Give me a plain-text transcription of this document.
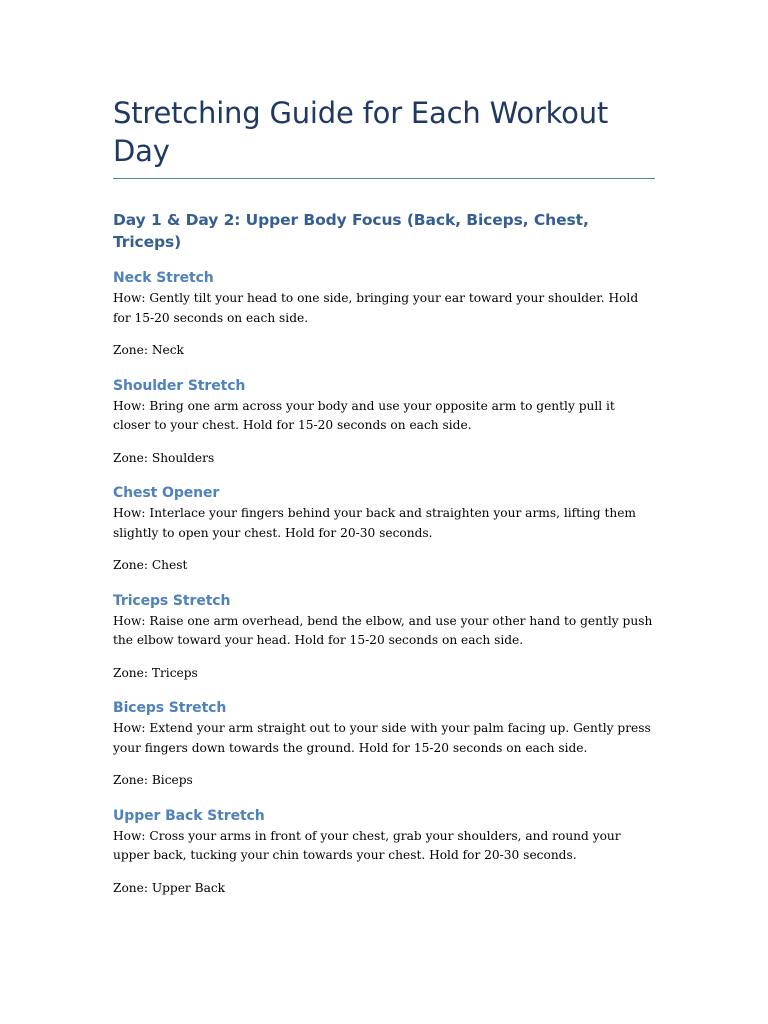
Stretching Guide for Each Workout Day
Day 1 & Day 2: Upper Body Focus (Back, Biceps, Chest, Triceps)
Neck Stretch

How: Gently tilt your head to one side, bringing your ear toward your shoulder. Hold for 15-20 seconds on each side.

Zone: Neck

Shoulder Stretch

How: Bring one arm across your body and use your opposite arm to gently pull it closer to your chest. Hold for 15-20 seconds on each side.

Zone: Shoulders

Chest Opener

How: Interlace your fingers behind your back and straighten your arms, lifting them slightly to open your chest. Hold for 20-30 seconds.

Zone: Chest

Triceps Stretch

How: Raise one arm overhead, bend the elbow, and use your other hand to gently push the elbow toward your head. Hold for 15-20 seconds on each side.

Zone: Triceps

Biceps Stretch

How: Extend your arm straight out to your side with your palm facing up. Gently press your fingers down towards the ground. Hold for 15-20 seconds on each side.

Zone: Biceps

Upper Back Stretch

How: Cross your arms in front of your chest, grab your shoulders, and round your upper back, tucking your chin towards your chest. Hold for 20-30 seconds.

Zone: Upper Back
